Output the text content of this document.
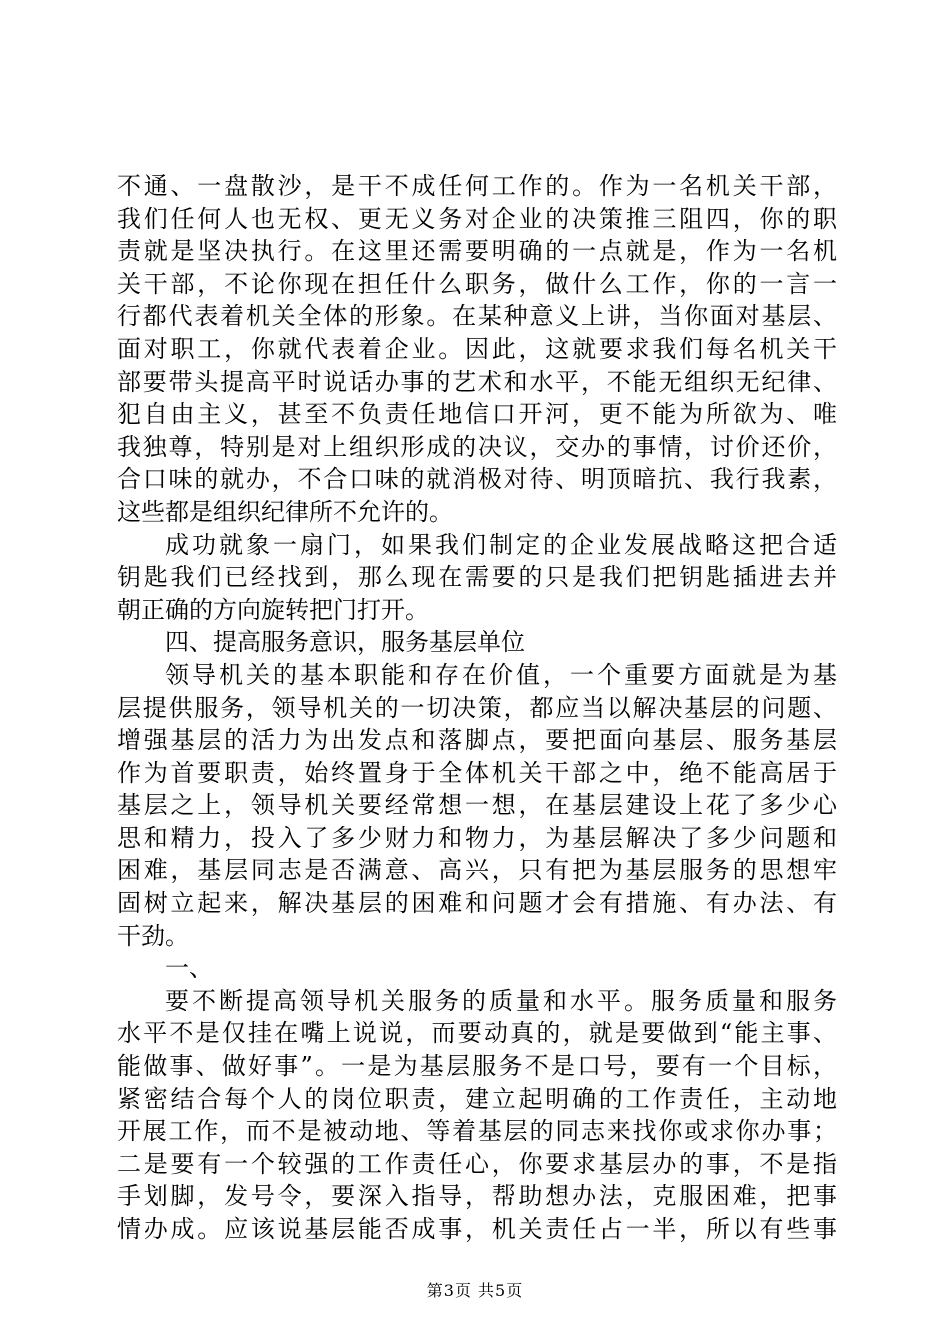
不通、一盘散沙，是干不成任何工作的。作为一名机关干部，
我们任何人也无权、更无义务对企业的决策推三阻四，你的职
责就是坚决执行。在这里还需要明确的一点就是，作为一名机
关干部，不论你现在担任什么职务，做什么工作，你的一言一
行都代表着机关全体的形象。在某种意义上讲，当你面对基层、
面对职工，你就代表着企业。因此，这就要求我们每名机关干
部要带头提高平时说话办事的艺术和水平，不能无组织无纪律、
犯自由主义，甚至不负责任地信口开河，更不能为所欲为、唯
我独尊，特别是对上组织形成的决议，交办的事情，讨价还价，
合口味的就办，不合口味的就消极对待、明顶暗抗、我行我素，
这些都是组织纪律所不允许的。
成功就象一扇门，如果我们制定的企业发展战略这把合适
钥匙我们已经找到，那么现在需要的只是我们把钥匙插进去并
朝正确的方向旋转把门打开。
四、提高服务意识，服务基层单位
领导机关的基本职能和存在价值，一个重要方面就是为基
层提供服务，领导机关的一切决策，都应当以解决基层的问题、
增强基层的活力为出发点和落脚点，要把面向基层、服务基层
作为首要职责，始终置身于全体机关干部之中，绝不能高居于
基层之上，领导机关要经常想一想，在基层建设上花了多少心
思和精力，投入了多少财力和物力，为基层解决了多少问题和
困难，基层同志是否满意、高兴，只有把为基层服务的思想牢
固树立起来，解决基层的困难和问题才会有措施、有办法、有
干劲。
一、
要不断提高领导机关服务的质量和水平。服务质量和服务
水平不是仅挂在嘴上说说，而要动真的，就是要做到“能主事、
能做事、做好事”。一是为基层服务不是口号，要有一个目标，
紧密结合每个人的岗位职责，建立起明确的工作责任，主动地
开展工作，而不是被动地、等着基层的同志来找你或求你办事；
二是要有一个较强的工作责任心，你要求基层办的事，不是指
手划脚，发号令，要深入指导，帮助想办法，克服困难，把事
情办成。应该说基层能否成事，机关责任占一半，所以有些事
第3页 共5页
